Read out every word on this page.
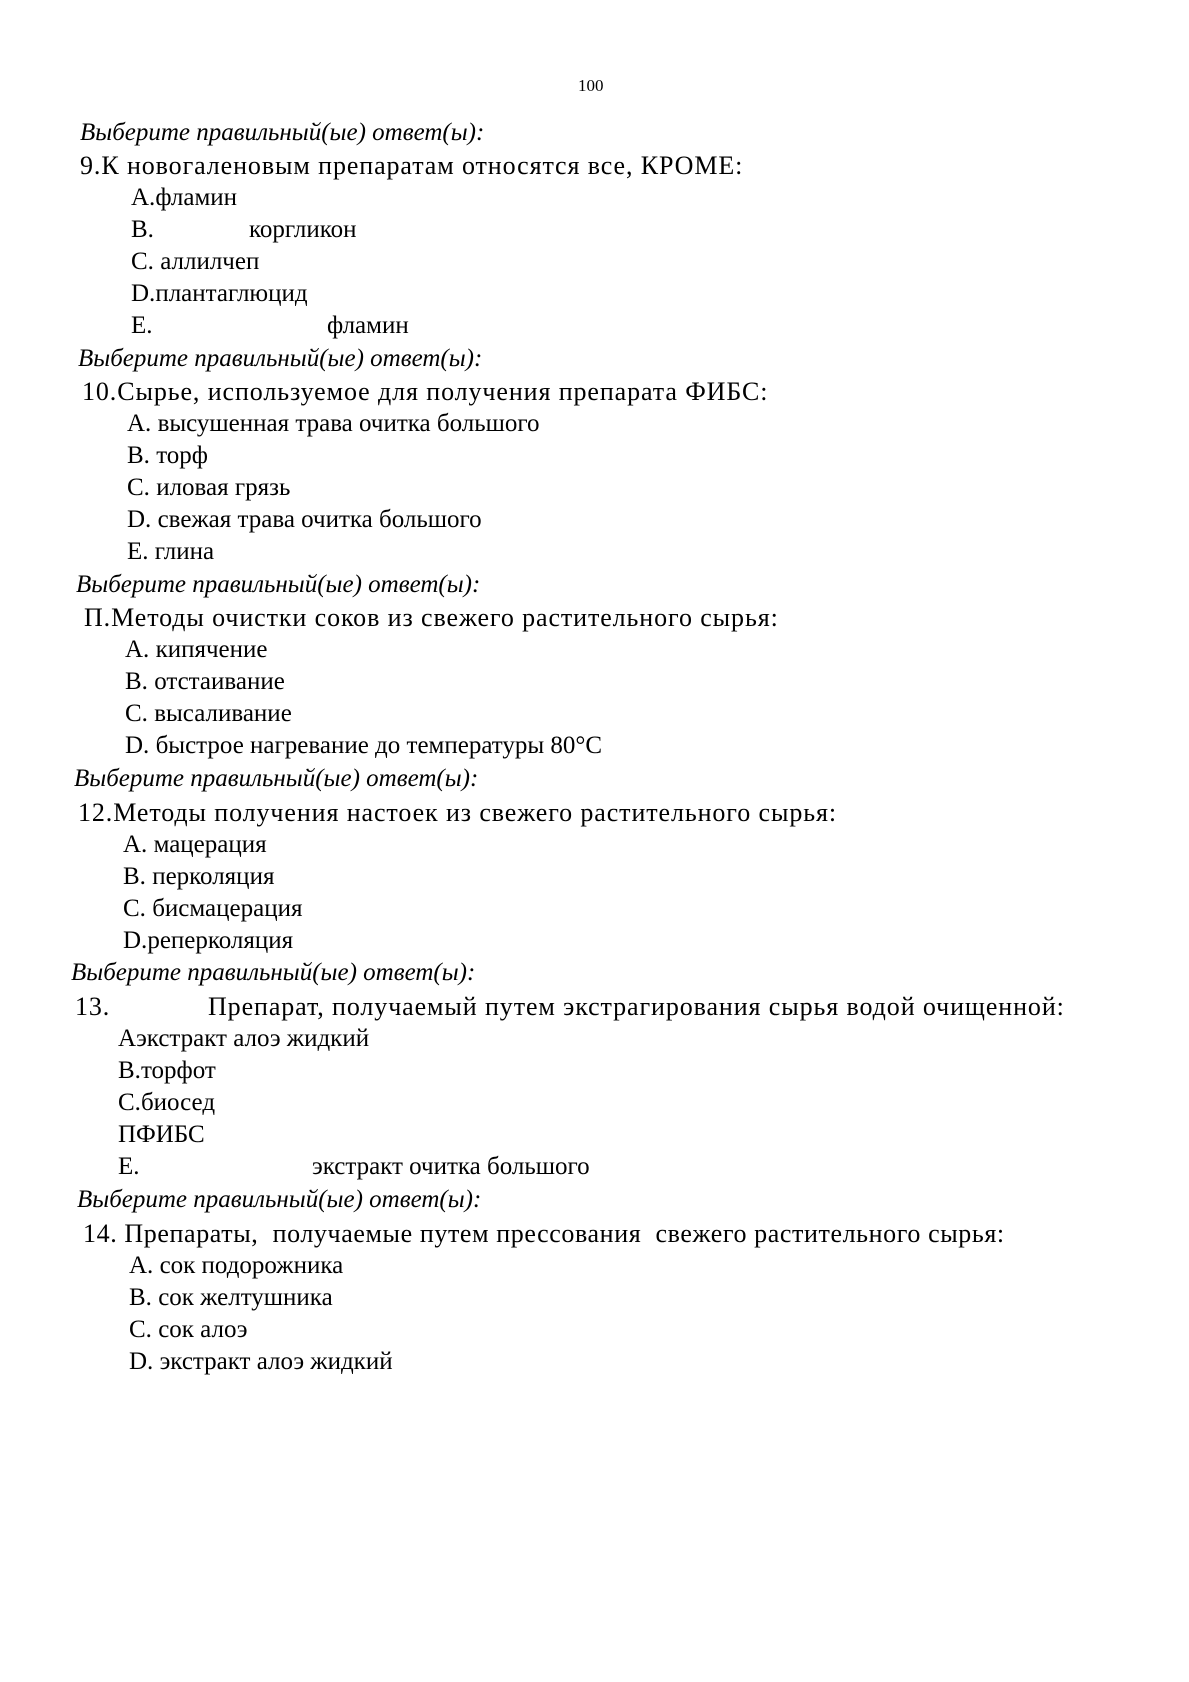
100
Выберите правильный(ые) ответ(ы):
9.К новогаленовым препаратам относятся все, КРОМЕ:
A.фламин
B.	коргликон
C. аллилчеп
D.плантаглюцид
E.	фламин
Выберите правильный(ые) ответ(ы):
10.Сырье, используемое для получения препарата ФИБС:
A. высушенная трава очитка большого
B. торф
C. иловая грязь
D. свежая трава очитка большого
E. глина
Выберите правильный(ые) ответ(ы):
П.Методы очистки соков из свежего растительного сырья:
A. кипячение
B. отстаивание
C. высаливание
D. быстрое нагревание до температуры 80°C
Выберите правильный(ые) ответ(ы):
12.Методы получения настоек из свежего растительного сырья:
A. мацерация
B. перколяция
C. бисмацерация
D.реперколяция
Выберите правильный(ые) ответ(ы):
13.	Препарат, получаемый путем экстрагирования сырья водой очищенной:
Aэкстракт алоэ жидкий
B.торфот
C.биосед
ПФИБС
E.	экстракт очитка большого
Выберите правильный(ые) ответ(ы):
14. Препараты,  получаемые путем прессования  свежего растительного сырья:
A. сок подорожника
B. сок желтушника
C. сок алоэ
D. экстракт алоэ жидкий
